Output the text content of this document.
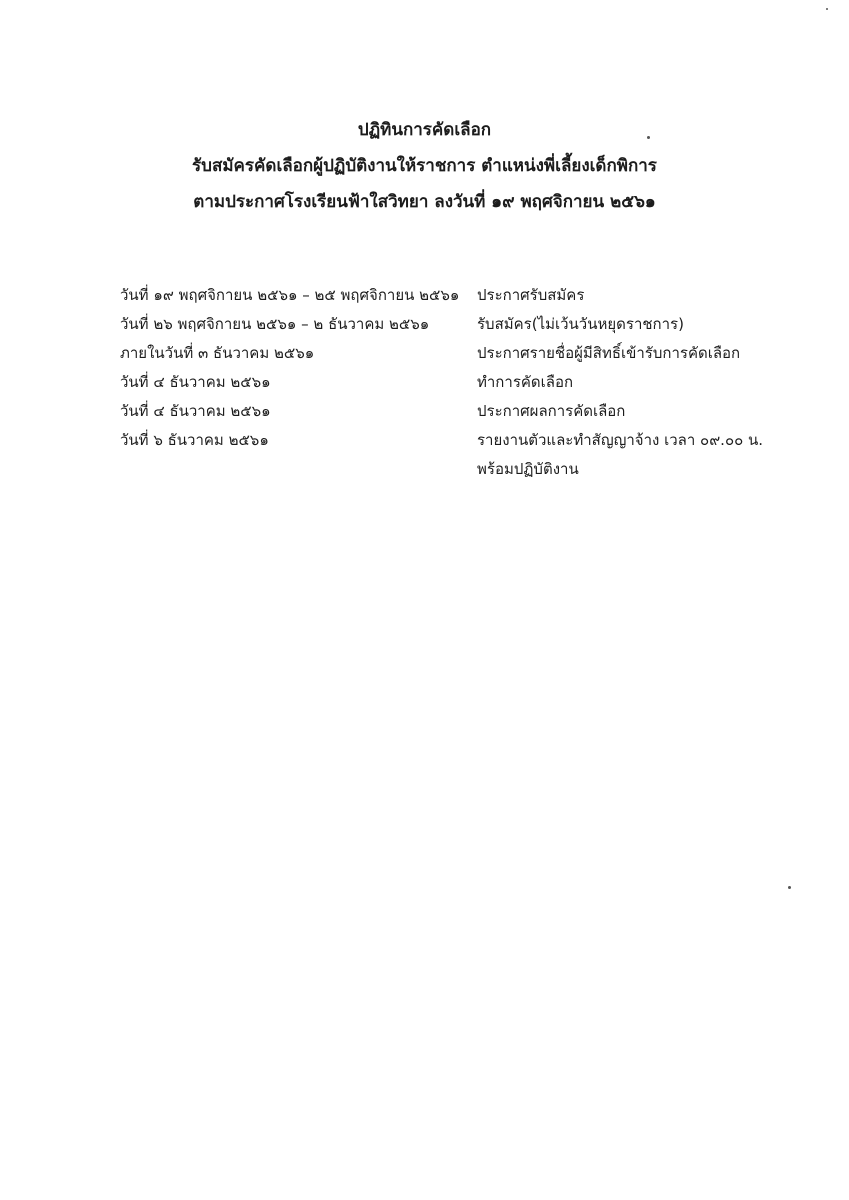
ปฏิทินการคัดเลือก
รับสมัครคัดเลือกผู้ปฏิบัติงานให้ราชการ ตำแหน่งพี่เลี้ยงเด็กพิการ
ตามประกาศโรงเรียนฟ้าใสวิทยา ลงวันที่ ๑๙ พฤศจิกายน ๒๕๖๑
วันที่ ๑๙ พฤศจิกายน ๒๕๖๑ – ๒๕ พฤศจิกายน ๒๕๖๑	ประกาศรับสมัคร
วันที่ ๒๖ พฤศจิกายน ๒๕๖๑ – ๒ ธันวาคม ๒๕๖๑	รับสมัคร(ไม่เว้นวันหยุดราชการ)
ภายในวันที่ ๓ ธันวาคม ๒๕๖๑	ประกาศรายชื่อผู้มีสิทธิ์เข้ารับการคัดเลือก
วันที่ ๔ ธันวาคม ๒๕๖๑	ทำการคัดเลือก
วันที่ ๔ ธันวาคม ๒๕๖๑	ประกาศผลการคัดเลือก
วันที่ ๖ ธันวาคม ๒๕๖๑	รายงานตัวและทำสัญญาจ้าง เวลา ๐๙.๐๐ น.
พร้อมปฏิบัติงาน
